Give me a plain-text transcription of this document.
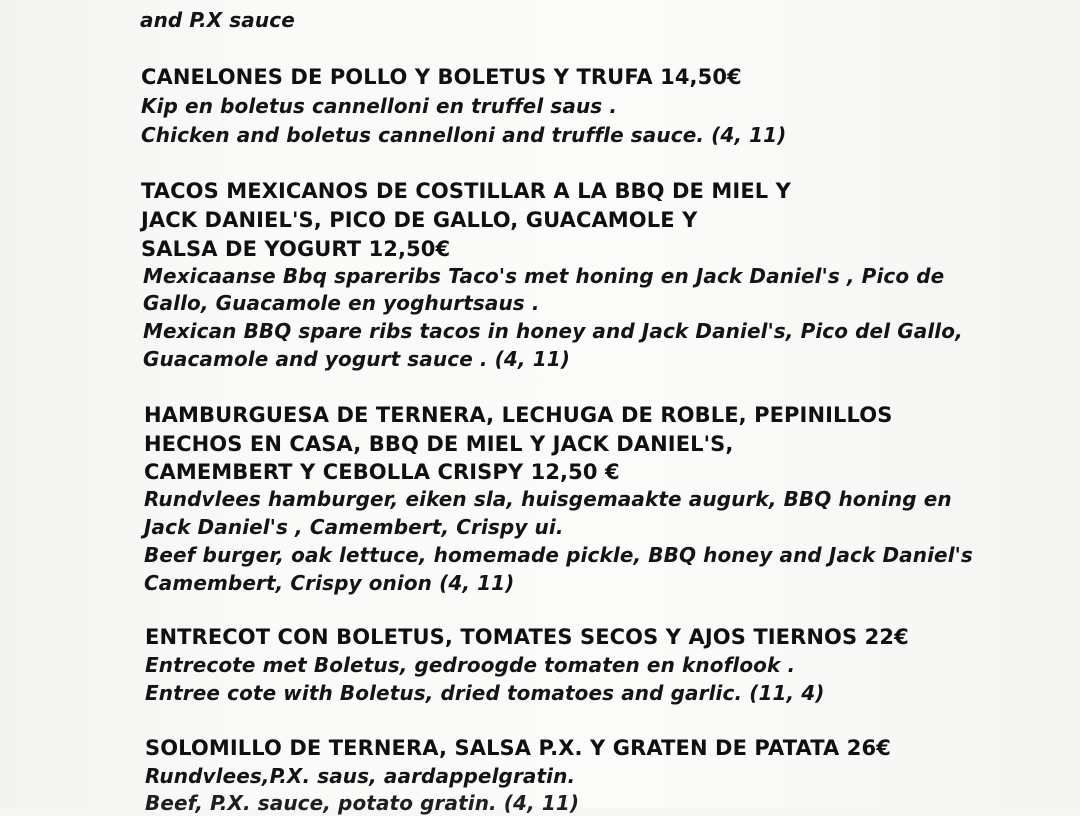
and P.X sauce
CANELONES DE POLLO Y BOLETUS Y TRUFA 14,50€
Kip en boletus cannelloni en truffel saus .
Chicken and boletus cannelloni and truffle sauce. (4, 11)
TACOS MEXICANOS DE COSTILLAR A LA BBQ DE MIEL Y
JACK DANIEL'S, PICO DE GALLO, GUACAMOLE Y
SALSA DE YOGURT 12,50€
Mexicaanse Bbq spareribs Taco's met honing en Jack Daniel's , Pico de
Gallo, Guacamole en yoghurtsaus .
Mexican BBQ spare ribs tacos in honey and Jack Daniel's, Pico del Gallo,
Guacamole and yogurt sauce . (4, 11)
HAMBURGUESA DE TERNERA, LECHUGA DE ROBLE, PEPINILLOS
HECHOS EN CASA, BBQ DE MIEL Y JACK DANIEL'S,
CAMEMBERT Y CEBOLLA CRISPY 12,50 €
Rundvlees hamburger, eiken sla, huisgemaakte augurk, BBQ honing en
Jack Daniel's , Camembert, Crispy ui.
Beef burger, oak lettuce, homemade pickle, BBQ honey and Jack Daniel's
Camembert, Crispy onion (4, 11)
ENTRECOT CON BOLETUS, TOMATES SECOS Y AJOS TIERNOS 22€
Entrecote met Boletus, gedroogde tomaten en knoflook .
Entree cote with Boletus, dried tomatoes and garlic. (11, 4)
SOLOMILLO DE TERNERA, SALSA P.X. Y GRATEN DE PATATA 26€
Rundvlees,P.X. saus, aardappelgratin.
Beef, P.X. sauce, potato gratin. (4, 11)
